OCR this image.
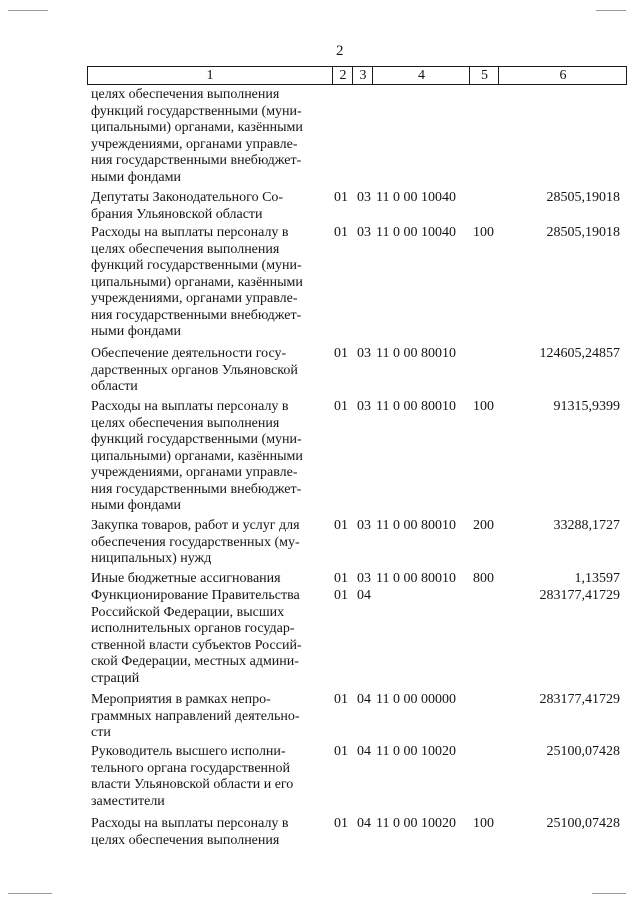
2
1	2 3	4	5	6
целях обеспечения выполнения
функций государственными (муни-
ципальными) органами, казёнными
учреждениями, органами управле-
ния государственными внебюджет-
ными фондами
Депутаты Законодательного Со-
брания Ульяновской области
01 03 11 0 00 10040	28505,19018
Расходы на выплаты персоналу в
целях обеспечения выполнения
функций государственными (муни-
ципальными) органами, казёнными
учреждениями, органами управле-
ния государственными внебюджет-
ными фондами
01 03 11 0 00 10040 100	28505,19018
Обеспечение деятельности госу-
дарственных органов Ульяновской
области
01 03 11 0 00 80010	124605,24857
Расходы на выплаты персоналу в
целях обеспечения выполнения
функций государственными (муни-
ципальными) органами, казёнными
учреждениями, органами управле-
ния государственными внебюджет-
ными фондами
01 03 11 0 00 80010 100	91315,9399
Закупка товаров, работ и услуг для
обеспечения государственных (му-
ниципальных) нужд
01 03 11 0 00 80010 200	33288,1727
Иные бюджетные ассигнования	01 03 11 0 00 80010 800	1,13597
Функционирование Правительства
Российской Федерации, высших
исполнительных органов государ-
ственной власти субъектов Россий-
ской Федерации, местных админи-
страций
01 04	283177,41729
Мероприятия в рамках непро-
граммных направлений деятельно-
сти
01 04 11 0 00 00000	283177,41729
Руководитель высшего исполни-
тельного органа государственной
власти Ульяновской области и его
заместители
01 04 11 0 00 10020	25100,07428
Расходы на выплаты персоналу в
целях обеспечения выполнения
01 04 11 0 00 10020 100	25100,07428
